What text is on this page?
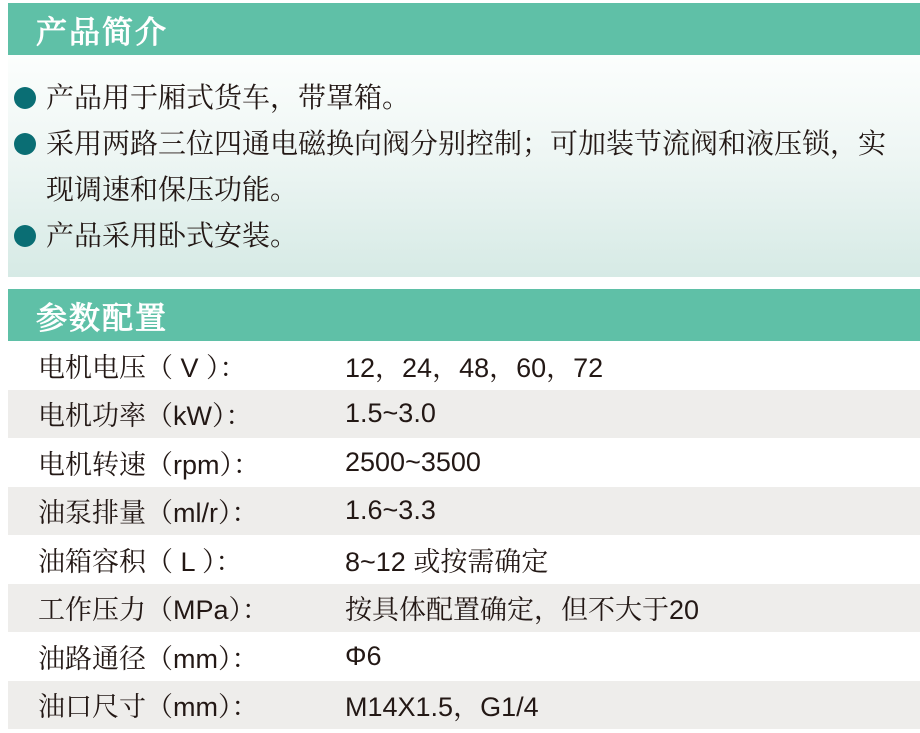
产品简介
产品用于厢式货车，带罩箱。
采用两路三位四通电磁换向阀分别控制；可加装节流阀和液压锁，实现调速和保压功能。
产品采用卧式安装。
参数配置
电机电压（ V ）：	12，24，48，60，72
电机功率（kW）：	1.5~3.0
电机转速（rpm）：	2500~3500
油泵排量（ml/r）：	1.6~3.3
油箱容积（ L ）：	8~12 或按需确定
工作压力（MPa）：	按具体配置确定，但不大于20
油路通径（mm）：	Φ6
油口尺寸（mm）：	M14X1.5，G1/4
